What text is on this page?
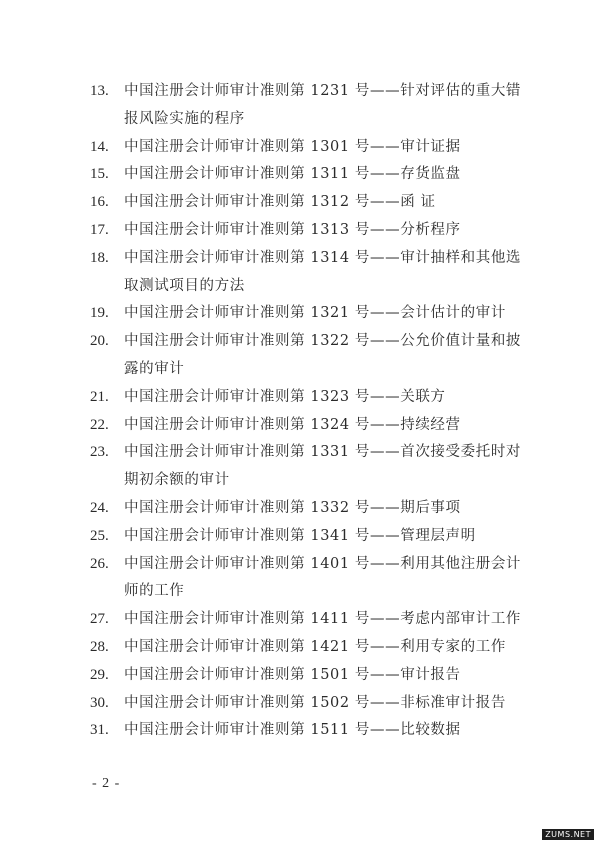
13.	中国注册会计师审计准则第 1231 号——针对评估的重大错报风险实施的程序
14.	中国注册会计师审计准则第 1301 号——审计证据
15.	中国注册会计师审计准则第 1311 号——存货监盘
16.	中国注册会计师审计准则第 1312 号——函 证
17.	中国注册会计师审计准则第 1313 号——分析程序
18.	中国注册会计师审计准则第 1314 号——审计抽样和其他选取测试项目的方法
19.	中国注册会计师审计准则第 1321 号——会计估计的审计
20.	中国注册会计师审计准则第 1322 号——公允价值计量和披露的审计
21.	中国注册会计师审计准则第 1323 号——关联方
22.	中国注册会计师审计准则第 1324 号——持续经营
23.	中国注册会计师审计准则第 1331 号——首次接受委托时对期初余额的审计
24.	中国注册会计师审计准则第 1332 号——期后事项
25.	中国注册会计师审计准则第 1341 号——管理层声明
26.	中国注册会计师审计准则第 1401 号——利用其他注册会计师的工作
27.	中国注册会计师审计准则第 1411 号——考虑内部审计工作
28.	中国注册会计师审计准则第 1421 号——利用专家的工作
29.	中国注册会计师审计准则第 1501 号——审计报告
30.	中国注册会计师审计准则第 1502 号——非标准审计报告
31.	中国注册会计师审计准则第 1511 号——比较数据
- 2 -
ZUMS.NET
